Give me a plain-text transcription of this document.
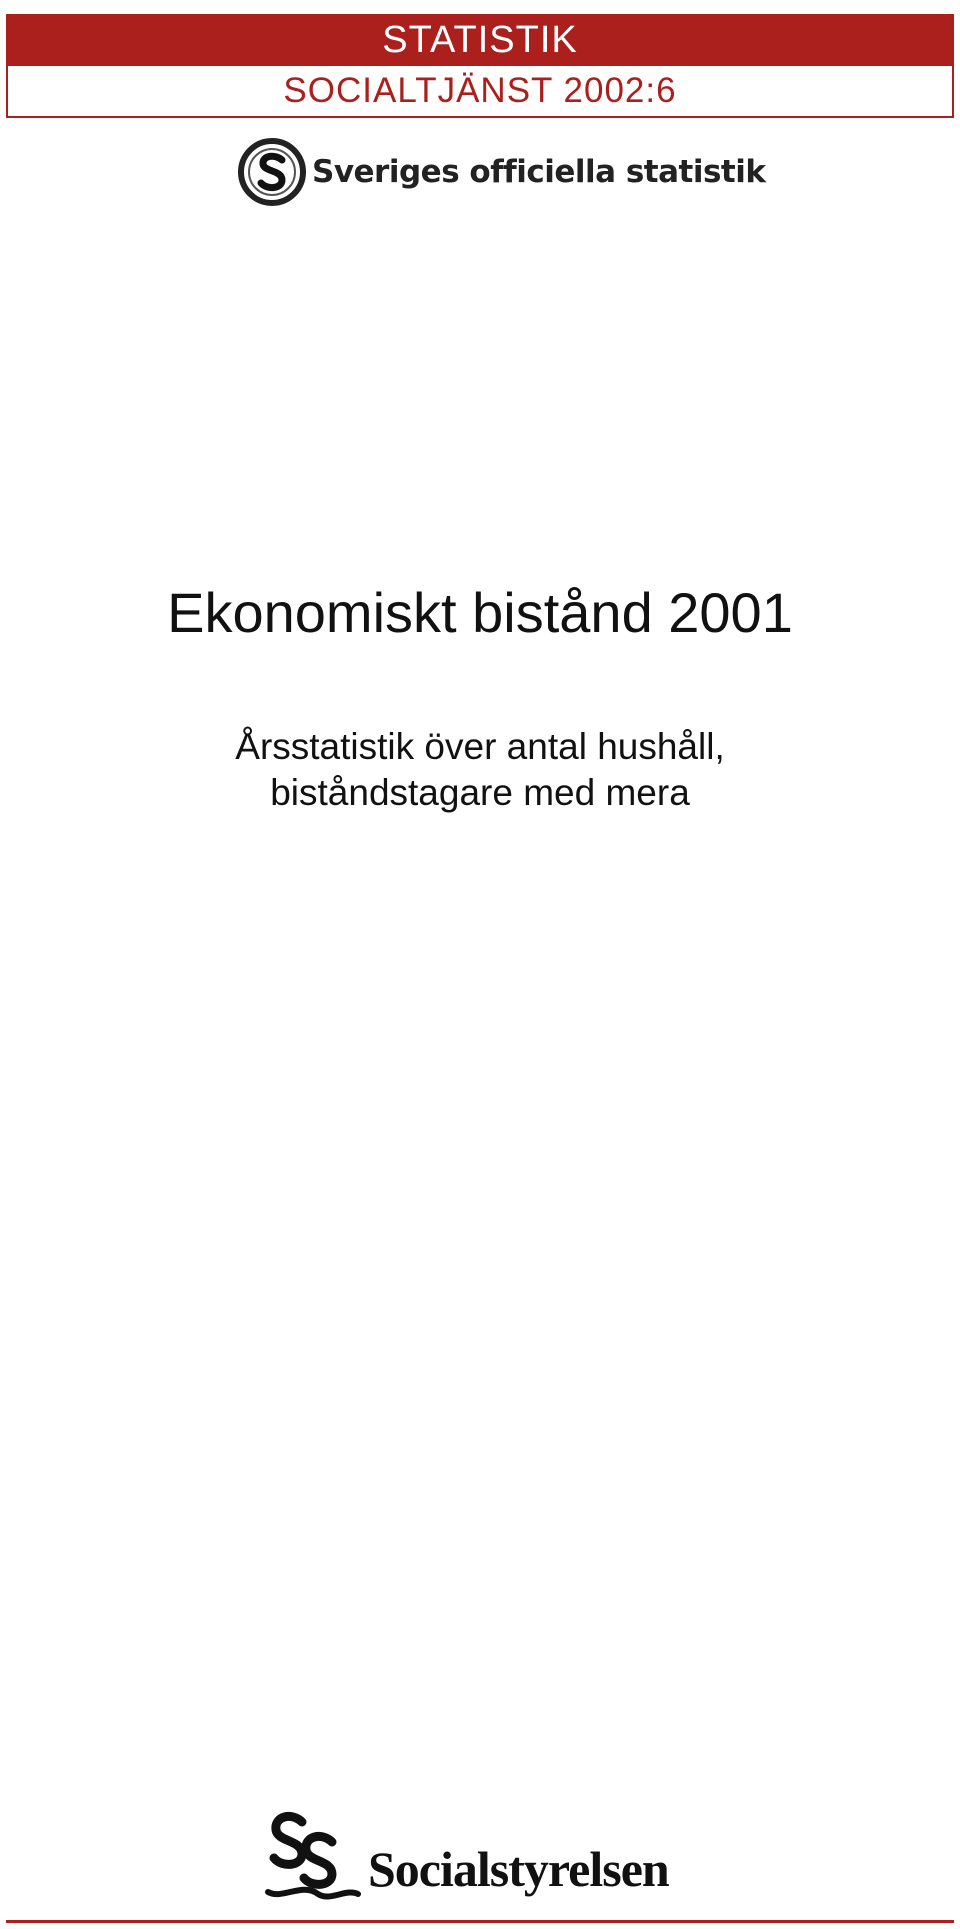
STATISTIK
SOCIALTJÄNST 2002:6
Sveriges officiella statistik
Ekonomiskt bistånd 2001
Årsstatistik över antal hushåll,
biståndstagare med mera
Socialstyrelsen
